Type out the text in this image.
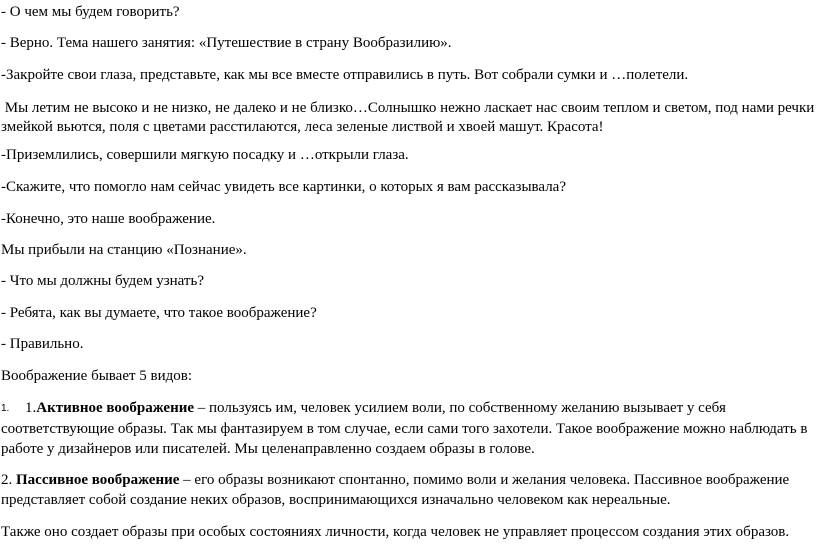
- О чем мы будем говорить?

- Верно. Тема нашего занятия: «Путешествие в страну Вообразилию».

-Закройте свои глаза, представьте, как мы все вместе отправились в путь. Вот собрали сумки и …полетели.

Мы летим не высоко и не низко, не далеко и не близко…Солнышко нежно ласкает нас своим теплом и светом, под нами речки

змейкой вьются, поля с цветами расстилаются, леса зеленые листвой и хвоей машут. Красота!

-Приземлились, совершили мягкую посадку и …открыли глаза.

-Скажите, что помогло нам сейчас увидеть все картинки, о которых я вам рассказывала?

-Конечно, это наше воображение.

Мы прибыли на станцию «Познание».

- Что мы должны будем узнать?

- Ребята, как вы думаете, что такое воображение?

- Правильно.

Воображение бывает 5 видов:

1. 1.Активное воображение – пользуясь им, человек усилием воли, по собственному желанию вызывает у себя
соответствующие образы. Так мы фантазируем в том случае, если сами того захотели. Такое воображение можно наблюдать в
работе у дизайнеров или писателей. Мы целенаправленно создаем образы в голове.
2. Пассивное воображение – его образы возникают спонтанно, помимо воли и желания человека. Пассивное воображение
представляет собой создание неких образов, воспринимающихся изначально человеком как нереальные.

Также оно создает образы при особых состояниях личности, когда человек не управляет процессом создания этих образов.
